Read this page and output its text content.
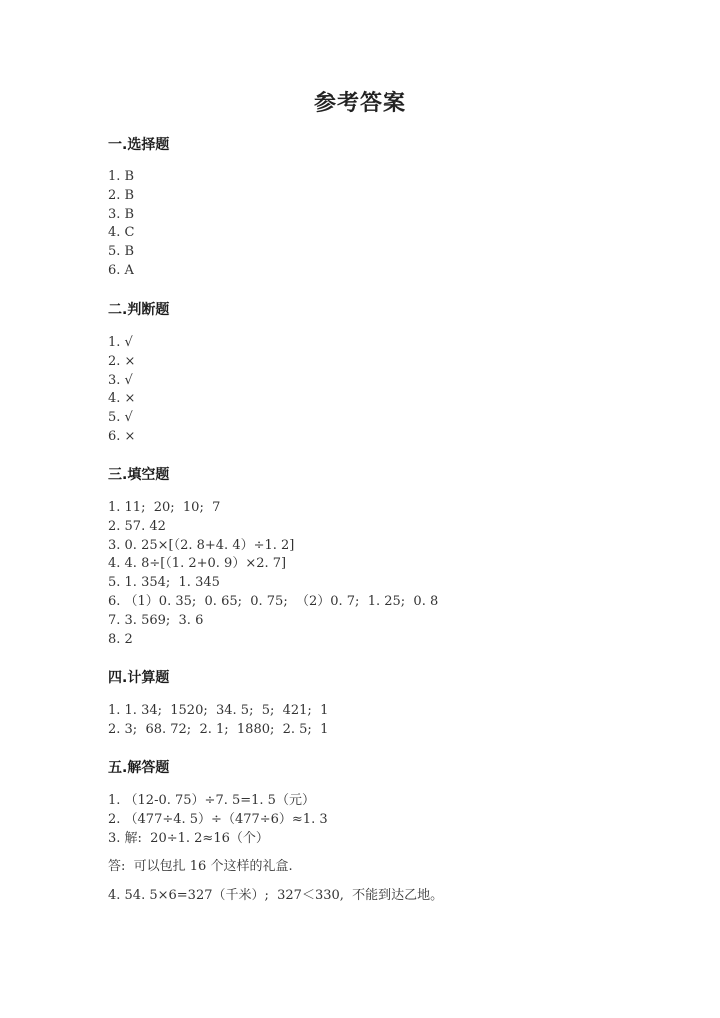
参考答案
一.选择题
1. B
2. B
3. B
4. C
5. B
6. A
二.判断题
1. √
2. ×
3. √
4. ×
5. √
6. ×
三.填空题
1. 11;  20;  10;  7
2. 57. 42
3. 0. 25×[（2. 8+4. 4）÷1. 2]
4. 4. 8÷[（1. 2+0. 9）×2. 7]
5. 1. 354;  1. 345
6. （1）0. 35;  0. 65;  0. 75;  （2）0. 7;  1. 25;  0. 8
7. 3. 569;  3. 6
8. 2
四.计算题
1. 1. 34;  1520;  34. 5;  5;  421;  1
2. 3;  68. 72;  2. 1;  1880;  2. 5;  1
五.解答题
1. （12-0. 75）÷7. 5=1. 5（元）
2. （477÷4. 5）÷（477÷6）≈1. 3
3. 解:  20÷1. 2≈16（个）
答:  可以包扎 16 个这样的礼盒.
4. 54. 5×6=327（千米）;  327＜330,  不能到达乙地。
